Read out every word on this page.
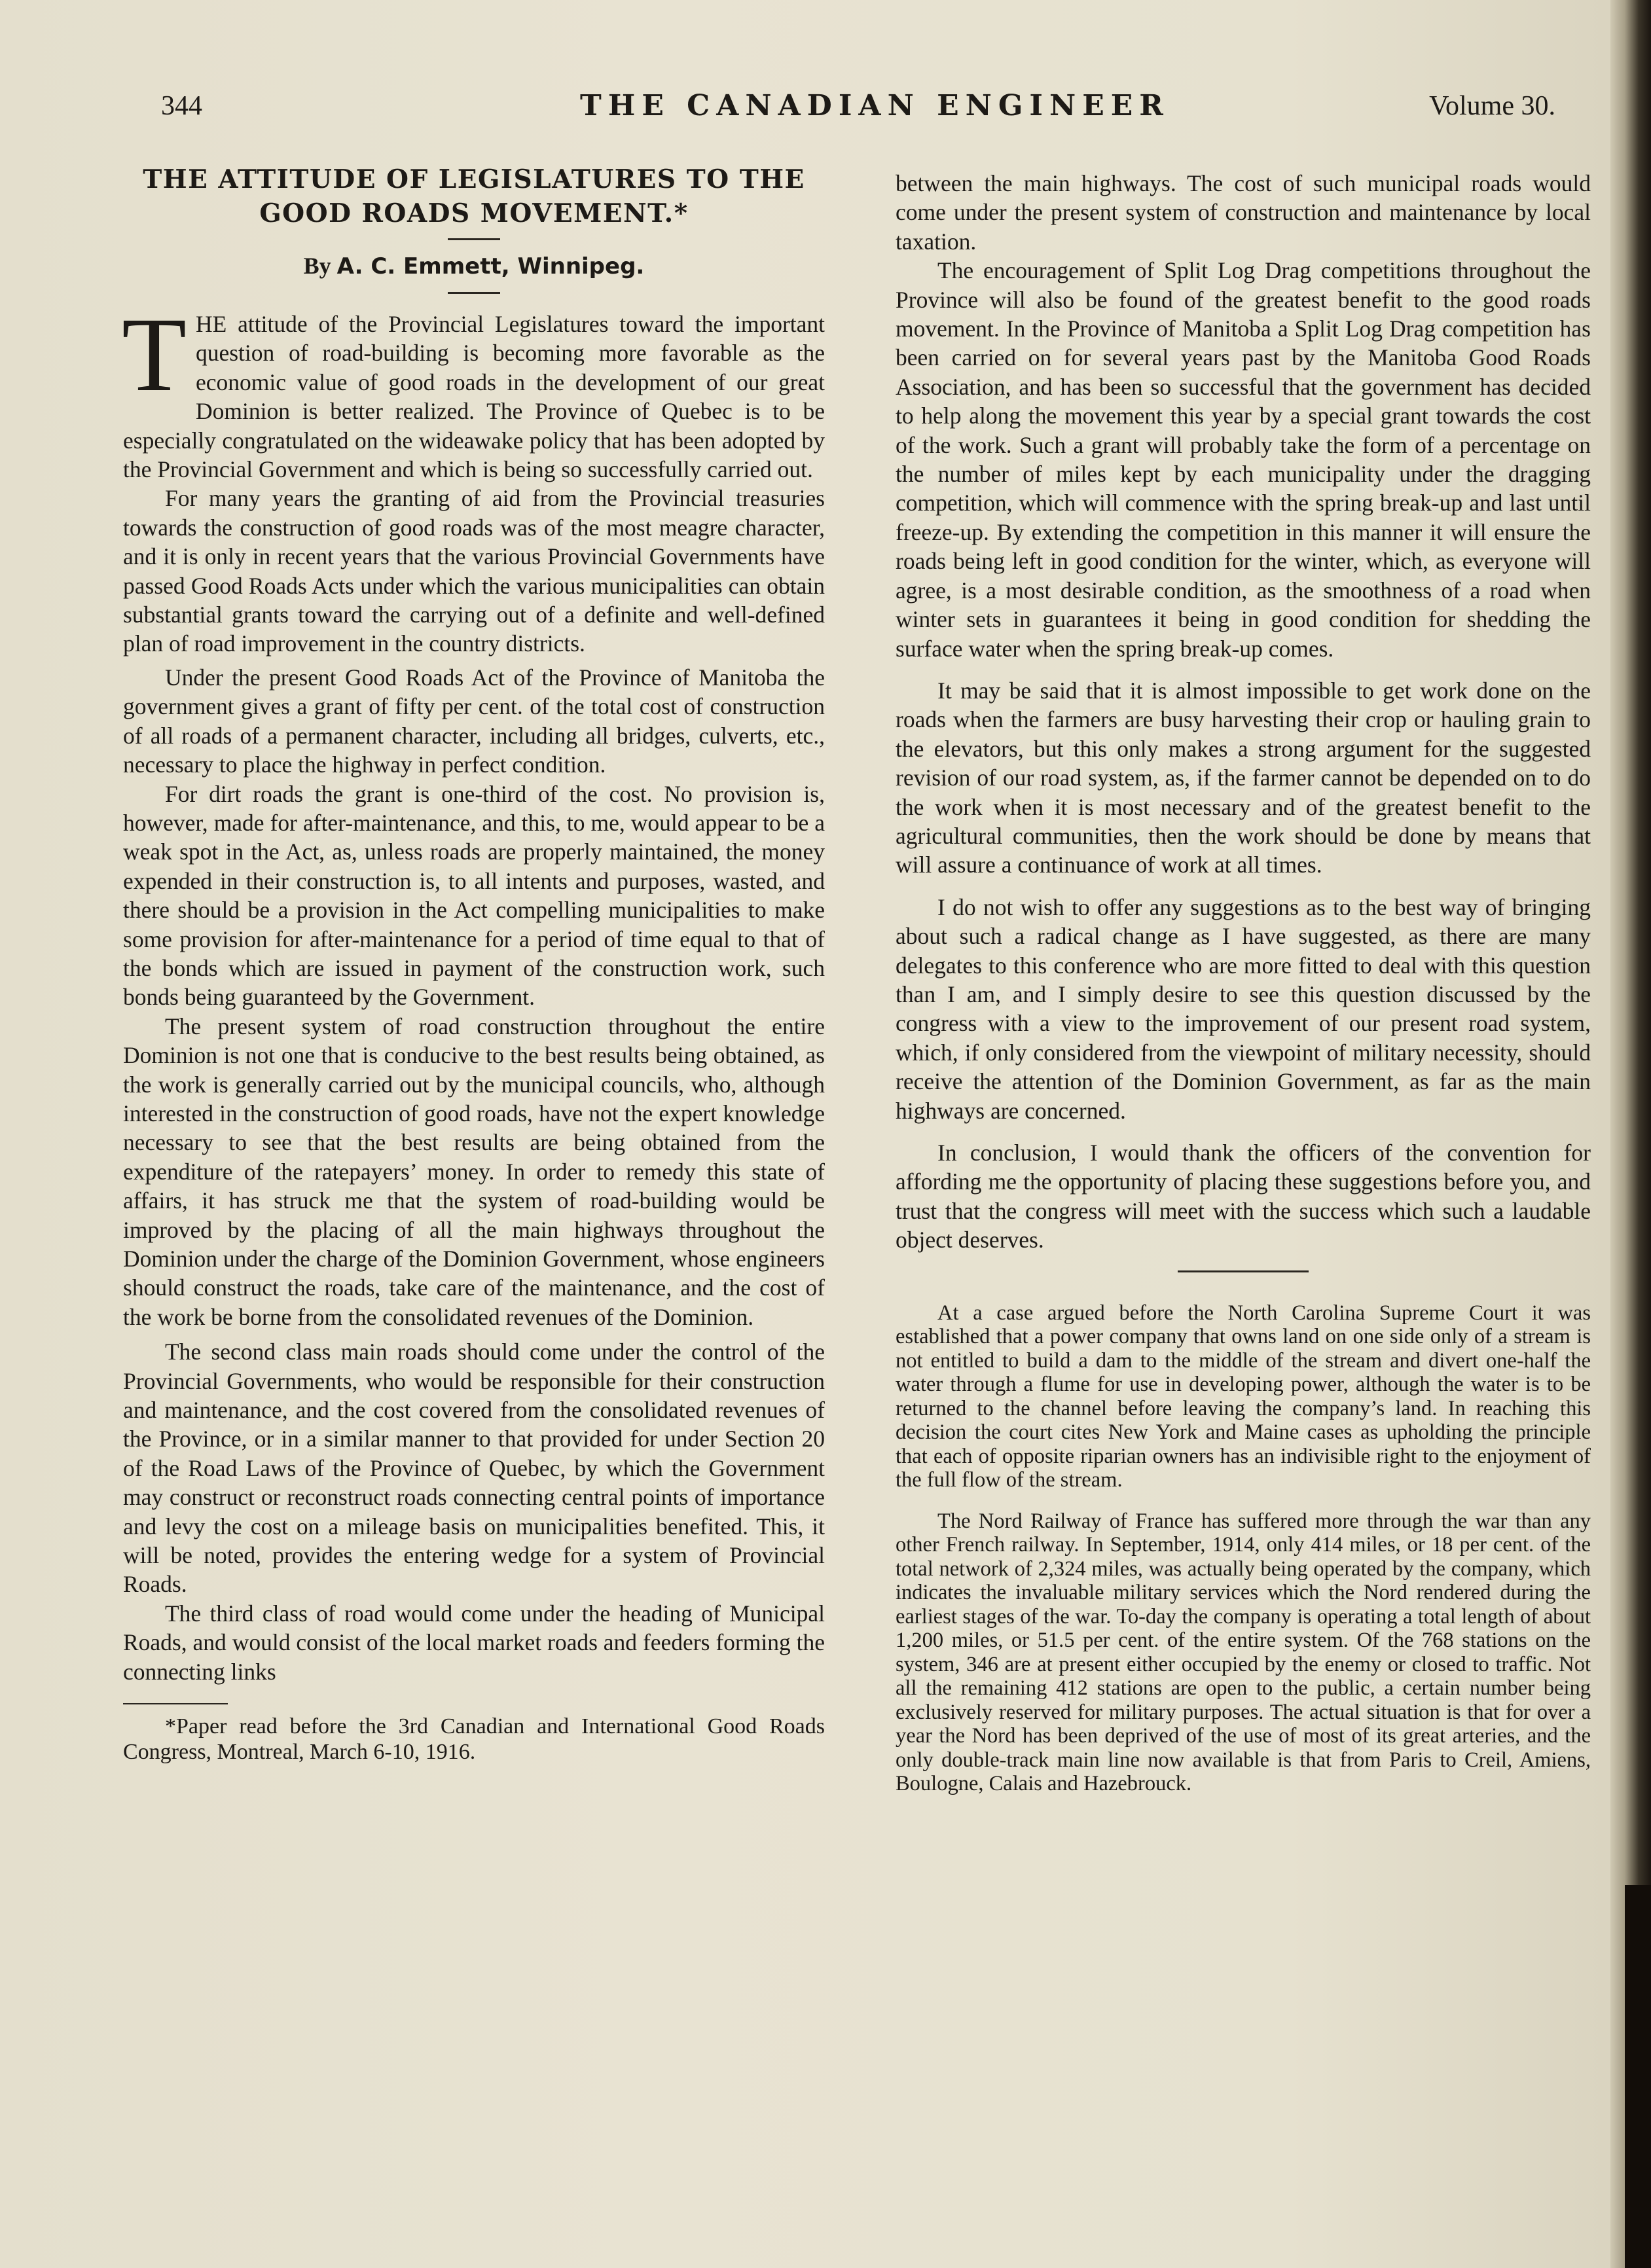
344	THE CANADIAN ENGINEER	Volume 30.
THE ATTITUDE OF LEGISLATURES TO THE GOOD ROADS MOVEMENT.*
By A. C. Emmett, Winnipeg.

THE attitude of the Provincial Legislatures toward the important question of road-building is becoming more favorable as the economic value of good roads in the development of our great Dominion is better realized. The Province of Quebec is to be especially congratulated on the wideawake policy that has been adopted by the Provincial Government and which is being so successfully carried out.

For many years the granting of aid from the Provincial treasuries towards the construction of good roads was of the most meagre character, and it is only in recent years that the various Provincial Governments have passed Good Roads Acts under which the various municipalities can obtain substantial grants toward the carrying out of a definite and well-defined plan of road improvement in the country districts.

Under the present Good Roads Act of the Province of Manitoba the government gives a grant of fifty per cent. of the total cost of construction of all roads of a permanent character, including all bridges, culverts, etc., necessary to place the highway in perfect condition.

For dirt roads the grant is one-third of the cost. No provision is, however, made for after-maintenance, and this, to me, would appear to be a weak spot in the Act, as, unless roads are properly maintained, the money expended in their construction is, to all intents and purposes, wasted, and there should be a provision in the Act compelling municipalities to make some provision for after-maintenance for a period of time equal to that of the bonds which are issued in payment of the construction work, such bonds being guaranteed by the Government.

The present system of road construction throughout the entire Dominion is not one that is conducive to the best results being obtained, as the work is generally carried out by the municipal councils, who, although interested in the construction of good roads, have not the expert knowledge necessary to see that the best results are being obtained from the expenditure of the ratepayers’ money. In order to remedy this state of affairs, it has struck me that the system of road-building would be improved by the placing of all the main highways throughout the Dominion under the charge of the Dominion Government, whose engineers should construct the roads, take care of the maintenance, and the cost of the work be borne from the consolidated revenues of the Dominion.

The second class main roads should come under the control of the Provincial Governments, who would be responsible for their construction and maintenance, and the cost covered from the consolidated revenues of the Province, or in a similar manner to that provided for under Section 20 of the Road Laws of the Province of Quebec, by which the Government may construct or reconstruct roads connecting central points of importance and levy the cost on a mileage basis on municipalities benefited. This, it will be noted, provides the entering wedge for a system of Provincial Roads.

The third class of road would come under the heading of Municipal Roads, and would consist of the local market roads and feeders forming the connecting links

*Paper read before the 3rd Canadian and International Good Roads Congress, Montreal, March 6-10, 1916.

between the main highways. The cost of such municipal roads would come under the present system of construction and maintenance by local taxation.

The encouragement of Split Log Drag competitions throughout the Province will also be found of the greatest benefit to the good roads movement. In the Province of Manitoba a Split Log Drag competition has been carried on for several years past by the Manitoba Good Roads Association, and has been so successful that the government has decided to help along the movement this year by a special grant towards the cost of the work. Such a grant will probably take the form of a percentage on the number of miles kept by each municipality under the dragging competition, which will commence with the spring break-up and last until freeze-up. By extending the competition in this manner it will ensure the roads being left in good condition for the winter, which, as everyone will agree, is a most desirable condition, as the smoothness of a road when winter sets in guarantees it being in good condition for shedding the surface water when the spring break-up comes.

It may be said that it is almost impossible to get work done on the roads when the farmers are busy harvesting their crop or hauling grain to the elevators, but this only makes a strong argument for the suggested revision of our road system, as, if the farmer cannot be depended on to do the work when it is most necessary and of the greatest benefit to the agricultural communities, then the work should be done by means that will assure a continuance of work at all times.

I do not wish to offer any suggestions as to the best way of bringing about such a radical change as I have suggested, as there are many delegates to this conference who are more fitted to deal with this question than I am, and I simply desire to see this question discussed by the congress with a view to the improvement of our present road system, which, if only considered from the viewpoint of military necessity, should receive the attention of the Dominion Government, as far as the main highways are concerned.

In conclusion, I would thank the officers of the convention for affording me the opportunity of placing these suggestions before you, and trust that the congress will meet with the success which such a laudable object deserves.

At a case argued before the North Carolina Supreme Court it was established that a power company that owns land on one side only of a stream is not entitled to build a dam to the middle of the stream and divert one-half the water through a flume for use in developing power, although the water is to be returned to the channel before leaving the company’s land. In reaching this decision the court cites New York and Maine cases as upholding the principle that each of opposite riparian owners has an indivisible right to the enjoyment of the full flow of the stream.

The Nord Railway of France has suffered more through the war than any other French railway. In September, 1914, only 414 miles, or 18 per cent. of the total network of 2,324 miles, was actually being operated by the company, which indicates the invaluable military services which the Nord rendered during the earliest stages of the war. To-day the company is operating a total length of about 1,200 miles, or 51.5 per cent. of the entire system. Of the 768 stations on the system, 346 are at present either occupied by the enemy or closed to traffic. Not all the remaining 412 stations are open to the public, a certain number being exclusively reserved for military purposes. The actual situation is that for over a year the Nord has been deprived of the use of most of its great arteries, and the only double-track main line now available is that from Paris to Creil, Amiens, Boulogne, Calais and Hazebrouck.
